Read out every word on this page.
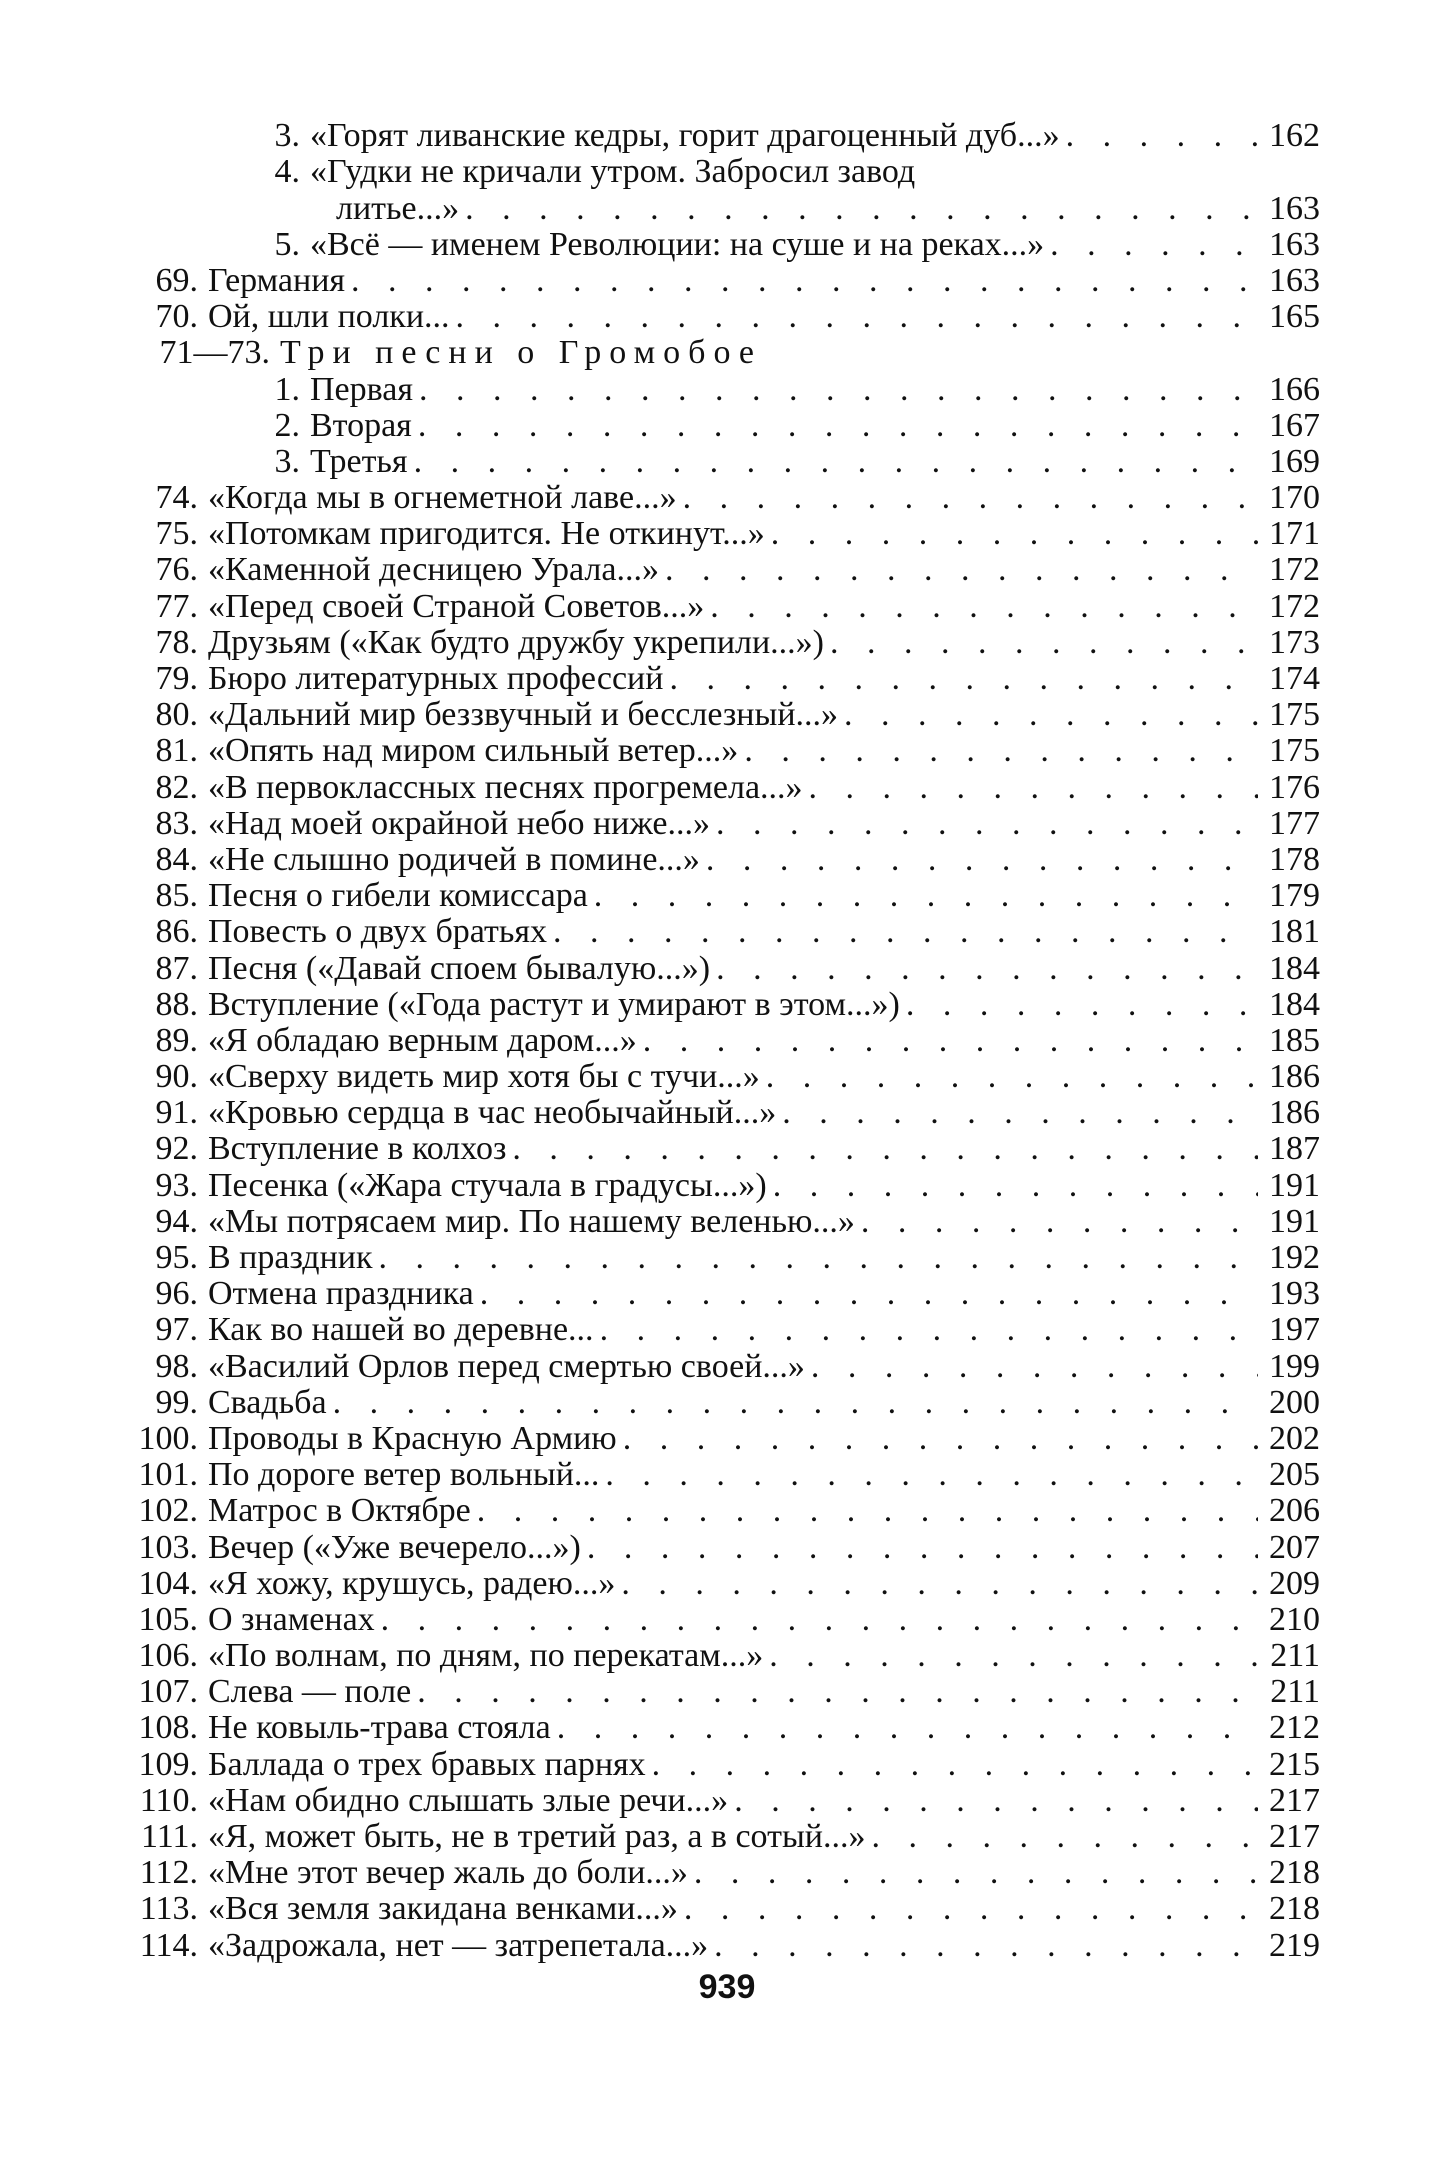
3. «Горят ливанские кедры, горит драгоценный дуб...» . . .	162
4. «Гудки не кричали утром. Забросил завод
литье...» . . .	163
5. «Всё — именем Революции: на суше и на реках...» . . .	163
69. Германия . . .	163
70. Ой, шли полки... . . .	165
71—73. Три песни о Громобое
1. Первая . . .	166
2. Вторая . . .	167
3. Третья . . .	169
74. «Когда мы в огнеметной лаве...» . . .	170
75. «Потомкам пригодится. Не откинут...» . . .	171
76. «Каменной десницею Урала...» . . .	172
77. «Перед своей Страной Советов...» . . .	172
78. Друзьям («Как будто дружбу укрепили...») . . .	173
79. Бюро литературных профессий . . .	174
80. «Дальний мир беззвучный и бесслезный...» . . .	175
81. «Опять над миром сильный ветер...» . . .	175
82. «В первоклассных песнях прогремела...» . . .	176
83. «Над моей окрайной небо ниже...» . . .	177
84. «Не слышно родичей в помине...» . . .	178
85. Песня о гибели комиссара . . .	179
86. Повесть о двух братьях . . .	181
87. Песня («Давай споем бывалую...») . . .	184
88. Вступление («Года растут и умирают в этом...») . . .	184
89. «Я обладаю верным даром...» . . .	185
90. «Сверху видеть мир хотя бы с тучи...» . . .	186
91. «Кровью сердца в час необычайный...» . . .	186
92. Вступление в колхоз . . .	187
93. Песенка («Жара стучала в градусы...») . . .	191
94. «Мы потрясаем мир. По нашему веленью...» . . .	191
95. В праздник . . .	192
96. Отмена праздника . . .	193
97. Как во нашей во деревне... . . .	197
98. «Василий Орлов перед смертью своей...» . . .	199
99. Свадьба . . .	200
100. Проводы в Красную Армию . . .	202
101. По дороге ветер вольный... . . .	205
102. Матрос в Октябре . . .	206
103. Вечер («Уже вечерело...») . . .	207
104. «Я хожу, крушусь, радею...» . . .	209
105. О знаменах . . .	210
106. «По волнам, по дням, по перекатам...» . . .	211
107. Слева — поле . . .	211
108. Не ковыль-трава стояла . . .	212
109. Баллада о трех бравых парнях . . .	215
110. «Нам обидно слышать злые речи...» . . .	217
111. «Я, может быть, не в третий раз, а в сотый...» . . .	217
112. «Мне этот вечер жаль до боли...» . . .	218
113. «Вся земля закидана венками...» . . .	218
114. «Задрожала, нет — затрепетала...» . . .	219
939
